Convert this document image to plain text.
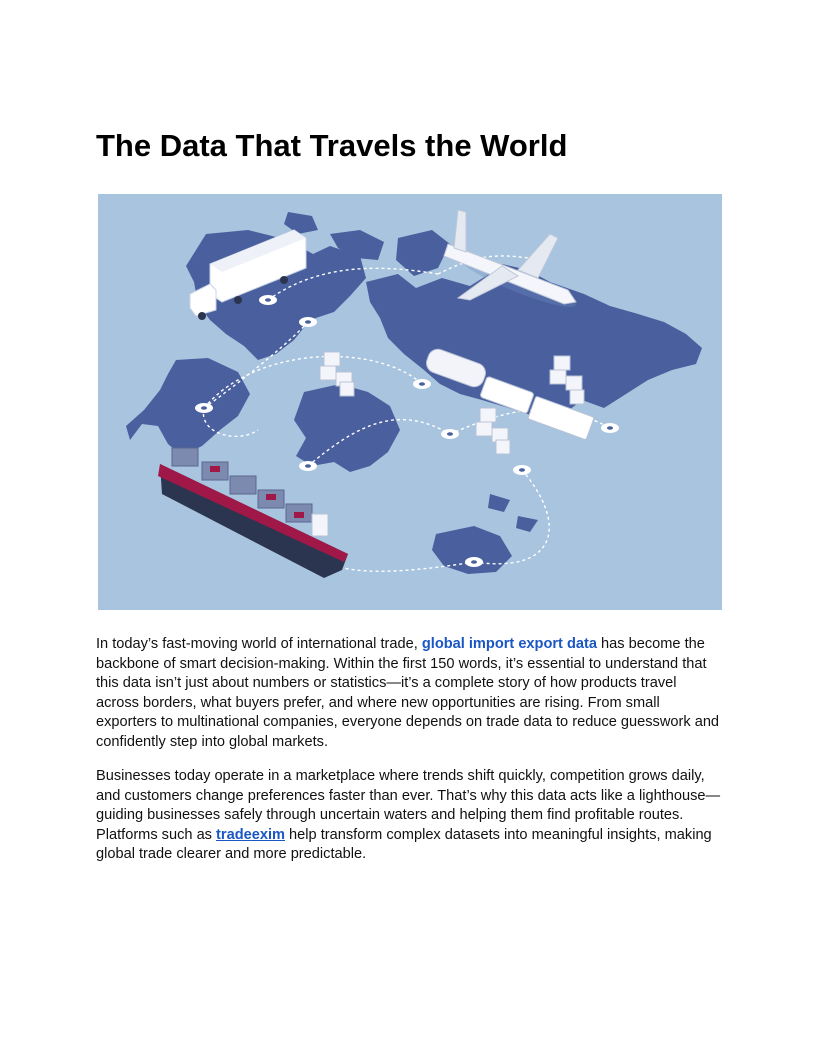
The Data That Travels the World

In today’s fast-moving world of international trade, global import export data has become the backbone of smart decision-making. Within the first 150 words, it’s essential to understand that this data isn’t just about numbers or statistics—it’s a complete story of how products travel across borders, what buyers prefer, and where new opportunities are rising. From small exporters to multinational companies, everyone depends on trade data to reduce guesswork and confidently step into global markets.

Businesses today operate in a marketplace where trends shift quickly, competition grows daily, and customers change preferences faster than ever. That’s why this data acts like a lighthouse—guiding businesses safely through uncertain waters and helping them find profitable routes. Platforms such as tradeexim help transform complex datasets into meaningful insights, making global trade clearer and more predictable.
